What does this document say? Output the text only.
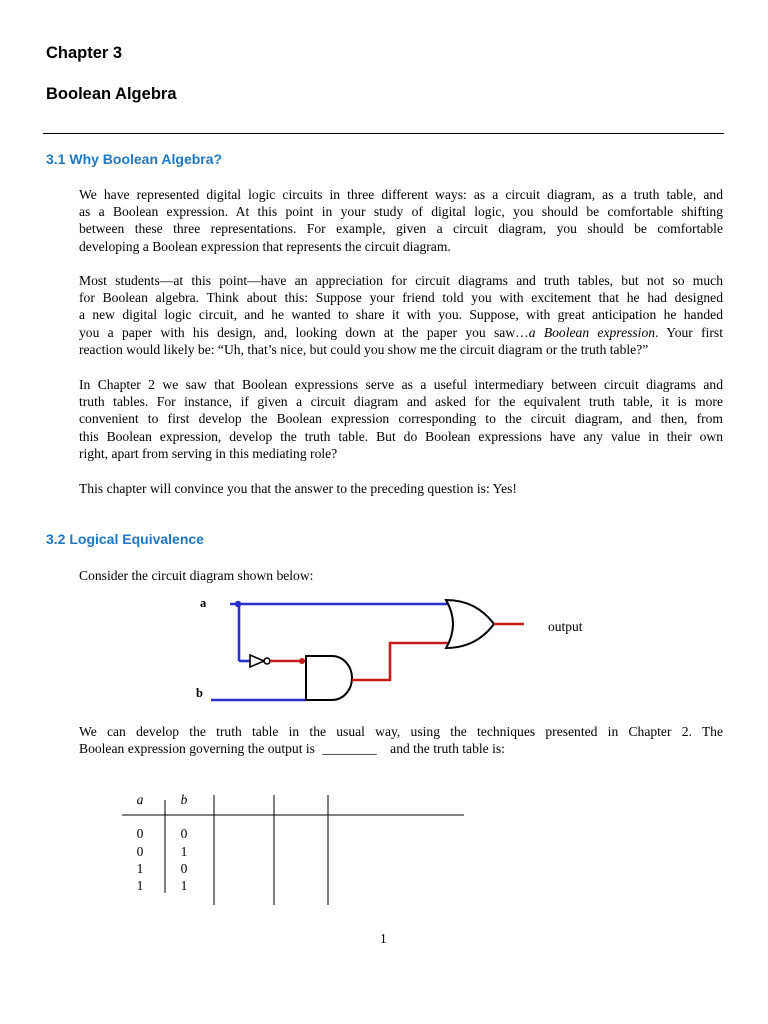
Chapter 3
Boolean Algebra
3.1 Why Boolean Algebra?
We have represented digital logic circuits in three different ways: as a circuit diagram, as a truth table, and
as a Boolean expression. At this point in your study of digital logic, you should be comfortable shifting
between these three representations. For example, given a circuit diagram, you should be comfortable
developing a Boolean expression that represents the circuit diagram.
Most students—at this point—have an appreciation for circuit diagrams and truth tables, but not so much
for Boolean algebra. Think about this: Suppose your friend told you with excitement that he had designed
a new digital logic circuit, and he wanted to share it with you. Suppose, with great anticipation he handed
you a paper with his design, and, looking down at the paper you saw…a Boolean expression. Your first
reaction would likely be: “Uh, that’s nice, but could you show me the circuit diagram or the truth table?”
In Chapter 2 we saw that Boolean expressions serve as a useful intermediary between circuit diagrams and
truth tables. For instance, if given a circuit diagram and asked for the equivalent truth table, it is more
convenient to first develop the Boolean expression corresponding to the circuit diagram, and then, from
this Boolean expression, develop the truth table. But do Boolean expressions have any value in their own
right, apart from serving in this mediating role?
This chapter will convince you that the answer to the preceding question is: Yes!
3.2 Logical Equivalence
Consider the circuit diagram shown below:
a
b
output
We can develop the truth table in the usual way, using the techniques presented in Chapter 2. The
Boolean expression governing the output is ________ and the truth table is:
a	b
0	0
0	1
1	0
1	1
1
